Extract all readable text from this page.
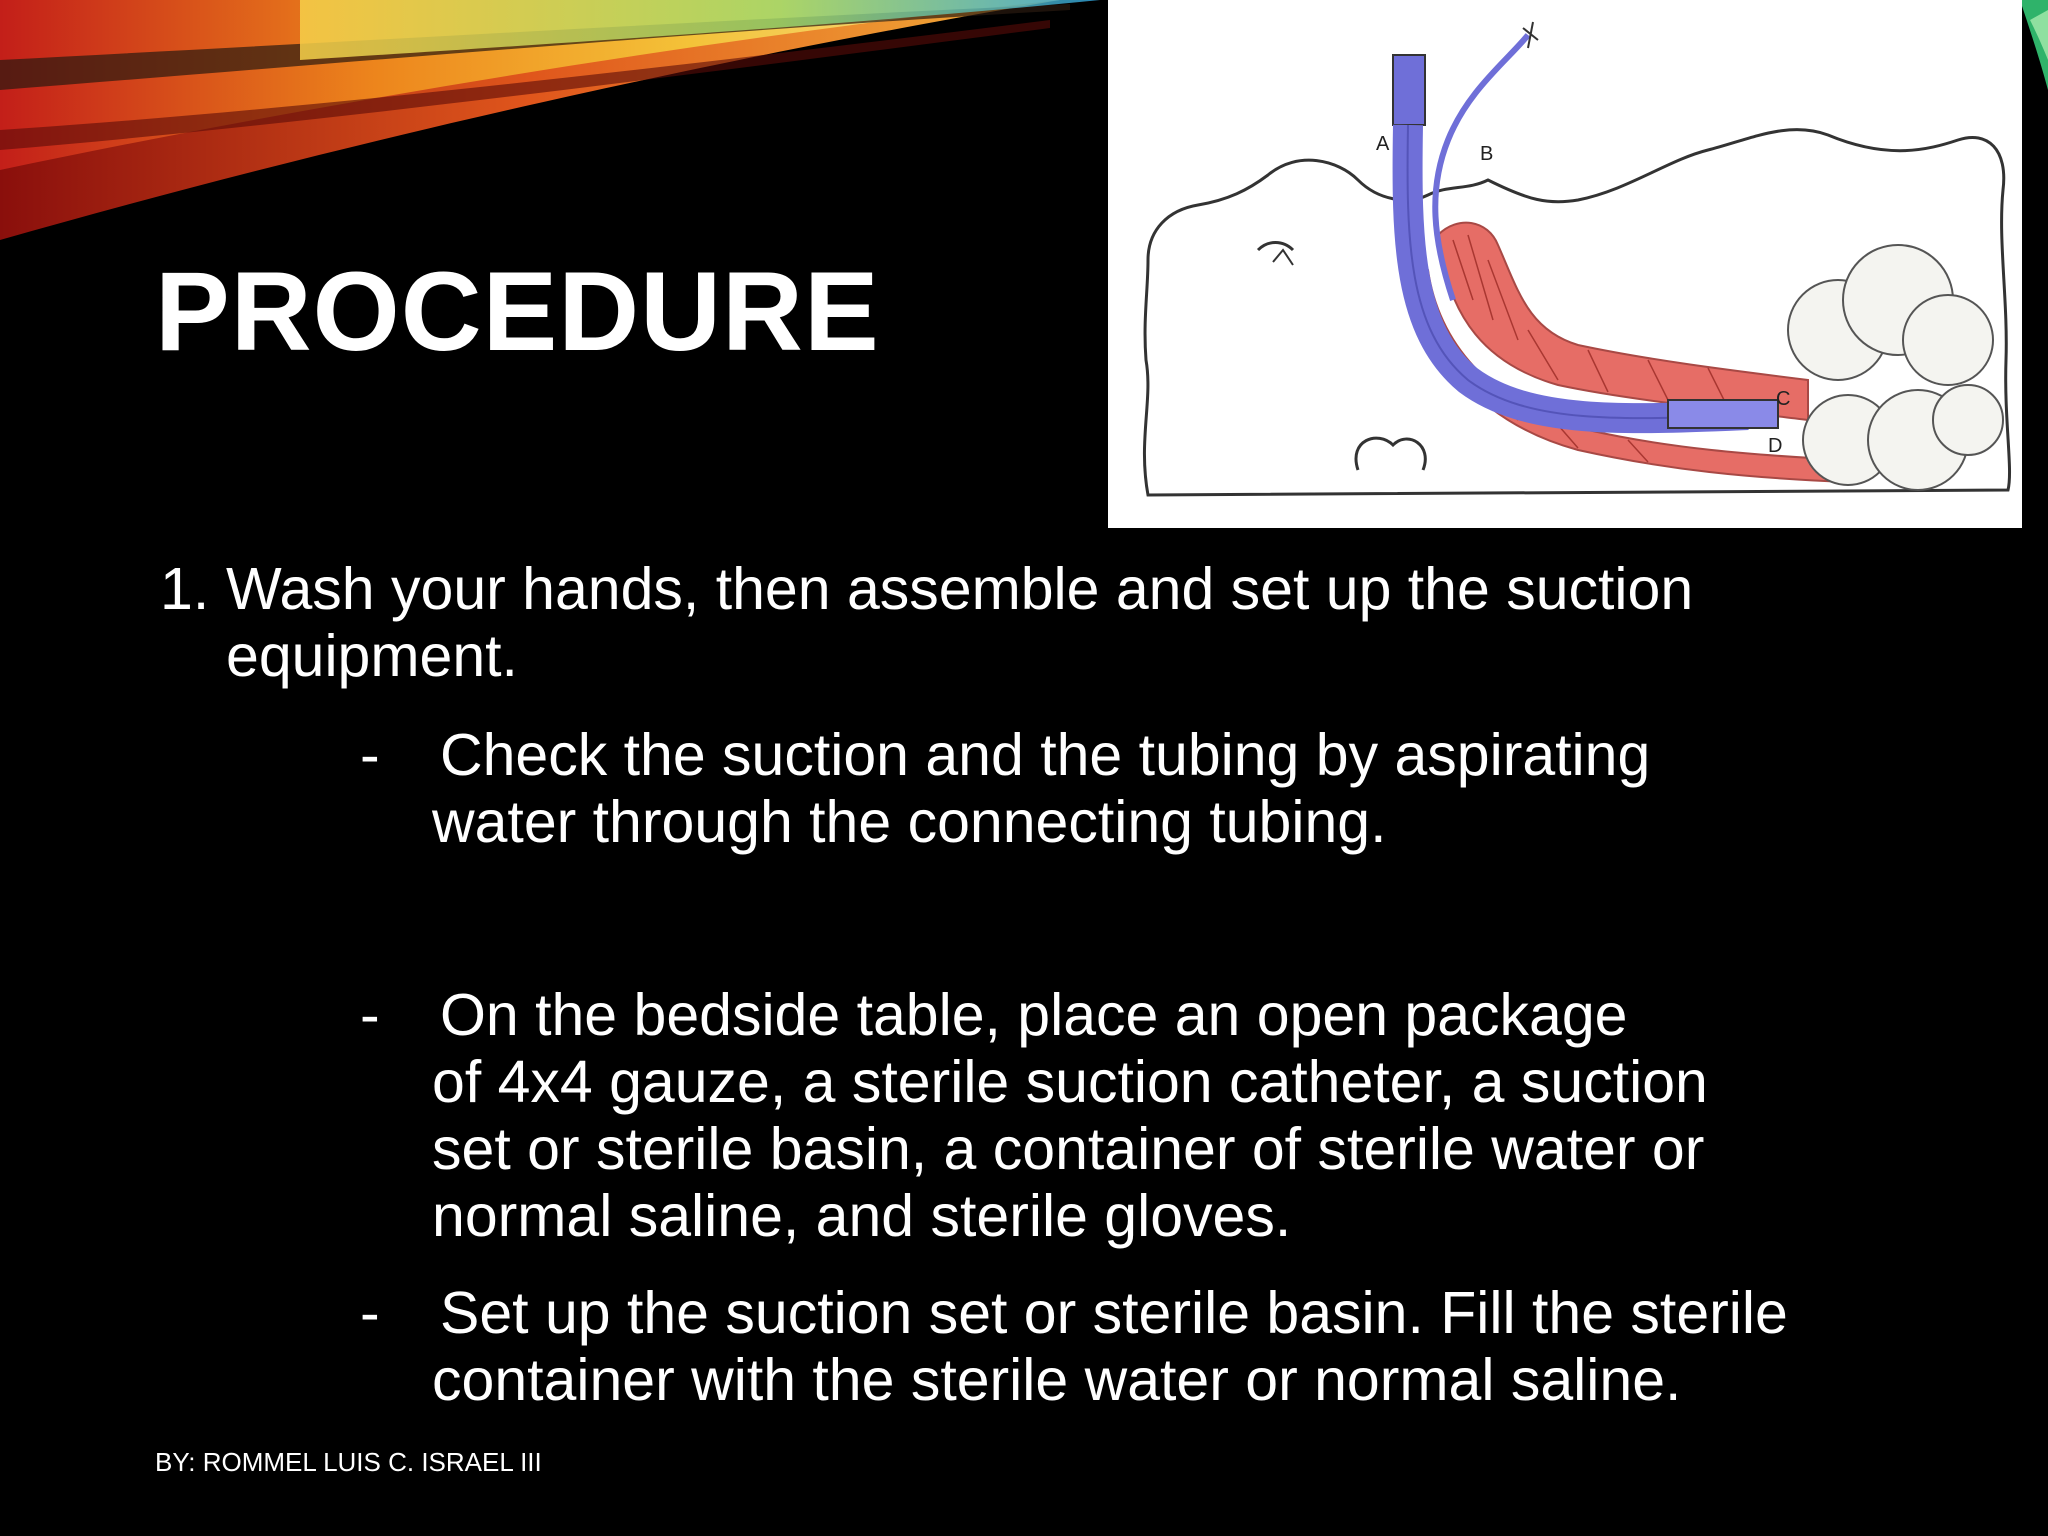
PROCEDURE
A	B
C
D

1. Wash your hands, then assemble and set up the suction
equipment.

- Check the suction and the tubing by aspirating
water through the connecting tubing.

- On the bedside table, place an open package
of 4x4 gauze, a sterile suction catheter, a suction set or sterile basin, a container of sterile water or normal saline, and sterile gloves.

- Set up the suction set or sterile basin. Fill the sterile
container with the sterile water or normal saline.

BY: ROMMEL LUIS C. ISRAEL III
